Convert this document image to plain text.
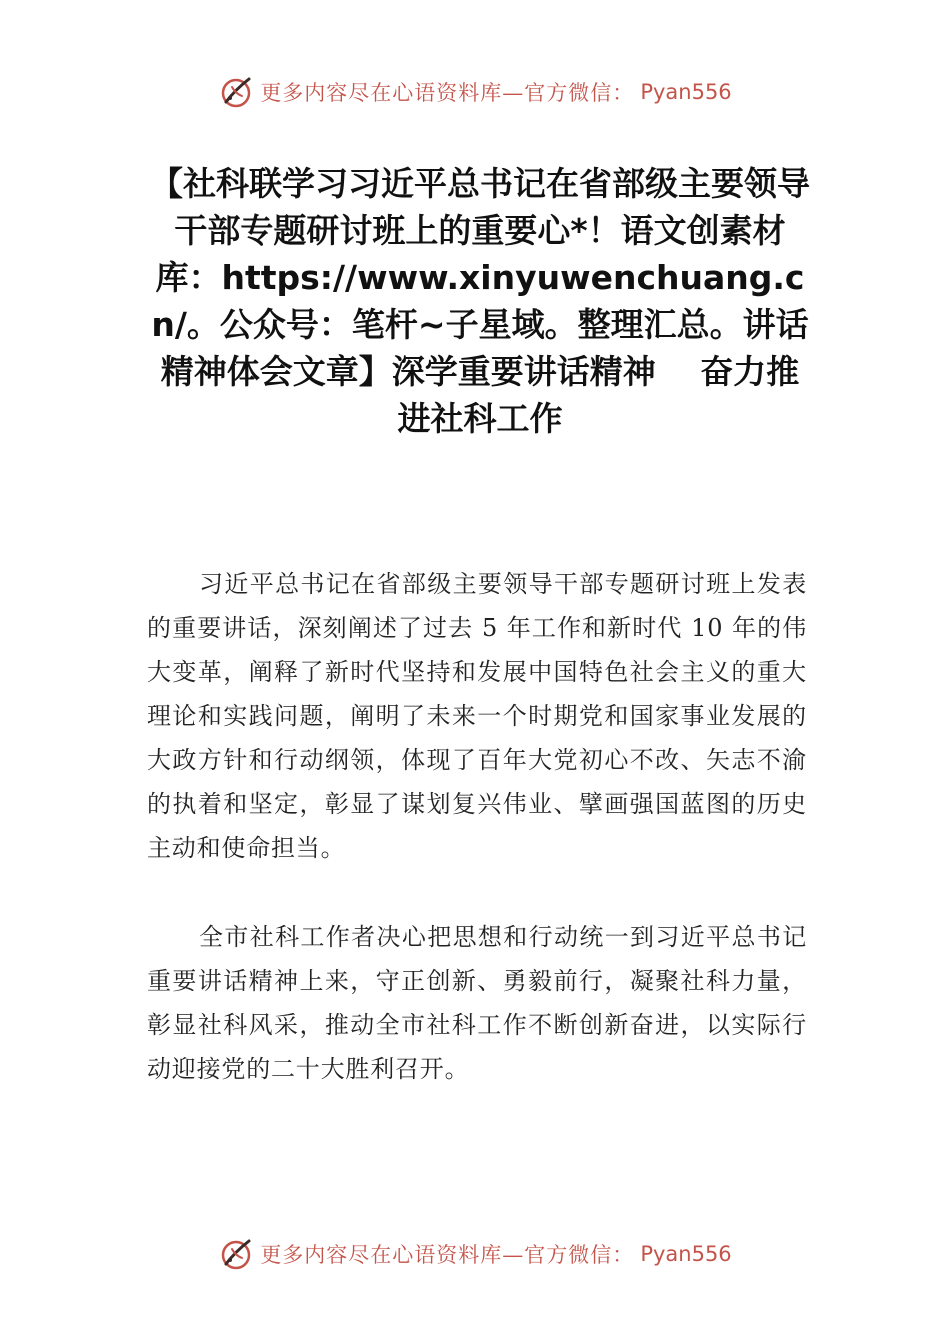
更多内容尽在心语资料库—官方微信： Pyan556
【社科联学习习近平总书记在省部级主要领导干部专题研讨班上的重要心*！语文创素材库：https://www.xinyuwenchuang.cn/。公众号：笔杆~子星域。整理汇总。讲话精神体会文章】深学重要讲话精神　 奋力推进社科工作

习近平总书记在省部级主要领导干部专题研讨班上发表的重要讲话，深刻阐述了过去 5 年工作和新时代 10 年的伟大变革，阐释了新时代坚持和发展中国特色社会主义的重大理论和实践问题，阐明了未来一个时期党和国家事业发展的大政方针和行动纲领，体现了百年大党初心不改、矢志不渝的执着和坚定，彰显了谋划复兴伟业、擘画强国蓝图的历史主动和使命担当。

全市社科工作者决心把思想和行动统一到习近平总书记重要讲话精神上来，守正创新、勇毅前行，凝聚社科力量，彰显社科风采，推动全市社科工作不断创新奋进，以实际行动迎接党的二十大胜利召开。

更多内容尽在心语资料库—官方微信： Pyan556
